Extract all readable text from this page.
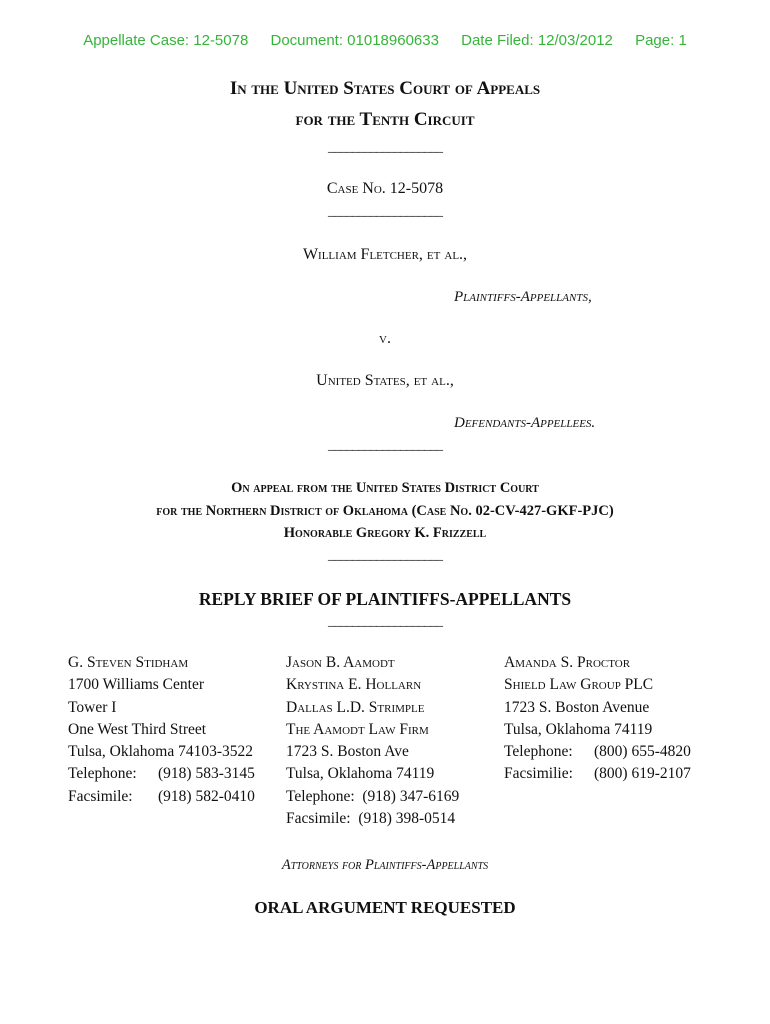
Appellate Case: 12-5078 Document: 01018960633 Date Filed: 12/03/2012 Page: 1
In the United States Court of Appeals
for the Tenth Circuit
___________________
Case No. 12-5078
___________________
William Fletcher, et al.,
Plaintiffs-Appellants,
v.
United States, et al.,
Defendants-Appellees.
___________________
On appeal from the United States District Court
for the Northern District of Oklahoma (Case No. 02-CV-427-GKF-PJC)
Honorable Gregory K. Frizzell
___________________
REPLY BRIEF OF PLAINTIFFS-APPELLANTS
___________________
G. Steven Stidham
1700 Williams Center
Tower I
One West Third Street
Tulsa, Oklahoma 74103-3522
Telephone: (918) 583-3145
Facsimile: (918) 582-0410
Jason B. Aamodt
Krystina E. Hollarn
Dallas L.D. Strimple
The Aamodt Law Firm
1723 S. Boston Ave
Tulsa, Oklahoma 74119
Telephone:  (918) 347-6169
Facsimile:  (918) 398-0514
Amanda S. Proctor
Shield Law Group PLC
1723 S. Boston Avenue
Tulsa, Oklahoma 74119
Telephone: (800) 655-4820
Facsimilie: (800) 619-2107
Attorneys for Plaintiffs-Appellants
ORAL ARGUMENT REQUESTED
